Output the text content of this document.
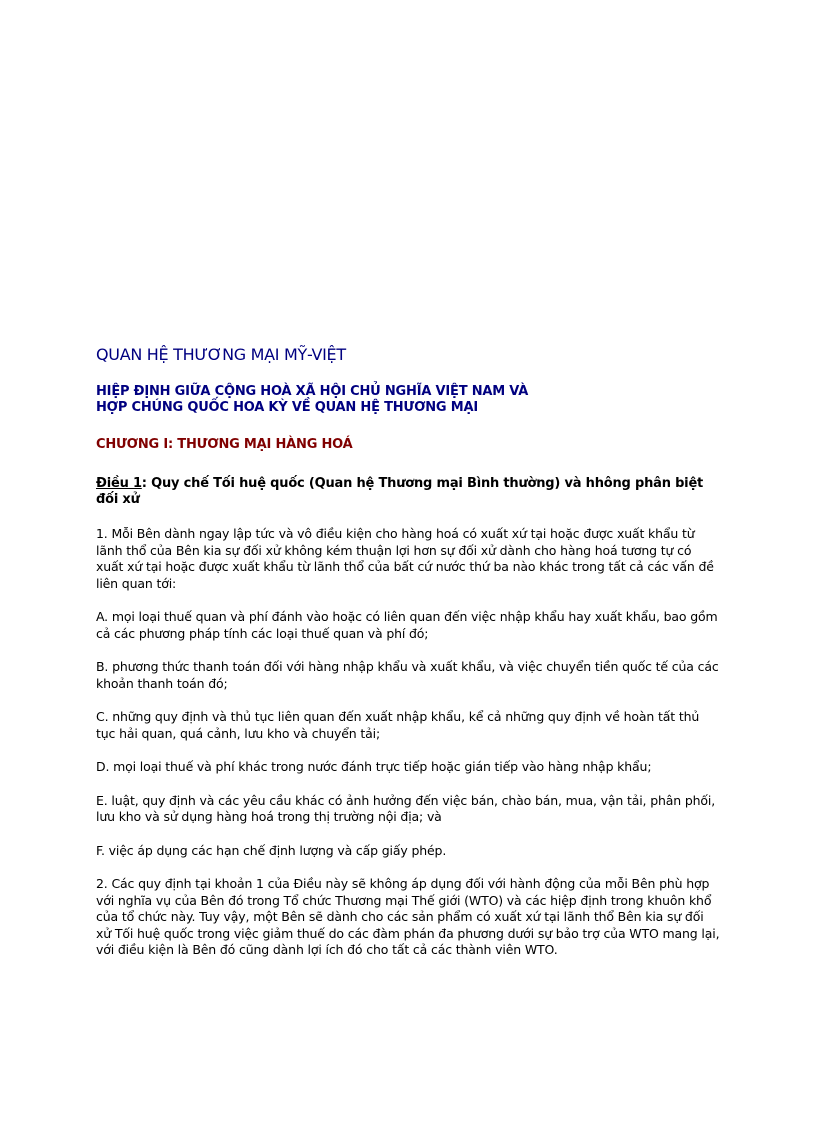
QUAN HỆ THƯƠNG MẠI MỸ-VIỆT
HIỆP ĐỊNH GIỮA CỘNG HOÀ XÃ HỘI CHỦ NGHĨA VIỆT NAM VÀ
HỢP CHÚNG QUỐC HOA KỲ VỀ QUAN HỆ THƯƠNG MẠI
CHƯƠNG I: THƯƠNG MẠI HÀNG HOÁ
Điều 1: Quy chế Tối huệ quốc (Quan hệ Thương mại Bình thường) và hhông phân biệt đối xử

1. Mỗi Bên dành ngay lập tức và vô điều kiện cho hàng hoá có xuất xứ tại hoặc được xuất khẩu từ lãnh thổ của Bên kia sự đối xử không kém thuận lợi hơn sự đối xử dành cho hàng hoá tương tự có xuất xứ tại hoặc được xuất khẩu từ lãnh thổ của bất cứ nước thứ ba nào khác trong tất cả các vấn đề liên quan tới:

A. mọi loại thuế quan và phí đánh vào hoặc có liên quan đến việc nhập khẩu hay xuất khẩu, bao gồm cả các phương pháp tính các loại thuế quan và phí đó;

B. phương thức thanh toán đối với hàng nhập khẩu và xuất khẩu, và việc chuyển tiền quốc tế của các khoản thanh toán đó;

C. những quy định và thủ tục liên quan đến xuất nhập khẩu, kể cả những quy định về hoàn tất thủ tục hải quan, quá cảnh, lưu kho và chuyển tải;

D. mọi loại thuế và phí khác trong nước đánh trực tiếp hoặc gián tiếp vào hàng nhập khẩu;

E. luật, quy định và các yêu cầu khác có ảnh hưởng đến việc bán, chào bán, mua, vận tải, phân phối, lưu kho và sử dụng hàng hoá trong thị trường nội địa; và

F. việc áp dụng các hạn chế định lượng và cấp giấy phép.

2. Các quy định tại khoản 1 của Điều này sẽ không áp dụng đối với hành động của mỗi Bên phù hợp với nghĩa vụ của Bên đó trong Tổ chức Thương mại Thế giới (WTO) và các hiệp định trong khuôn khổ của tổ chức này. Tuy vậy, một Bên sẽ dành cho các sản phẩm có xuất xứ tại lãnh thổ Bên kia sự đối xử Tối huệ quốc trong việc giảm thuế do các đàm phán đa phương dưới sự bảo trợ của WTO mang lại, với điều kiện là Bên đó cũng dành lợi ích đó cho tất cả các thành viên WTO.
